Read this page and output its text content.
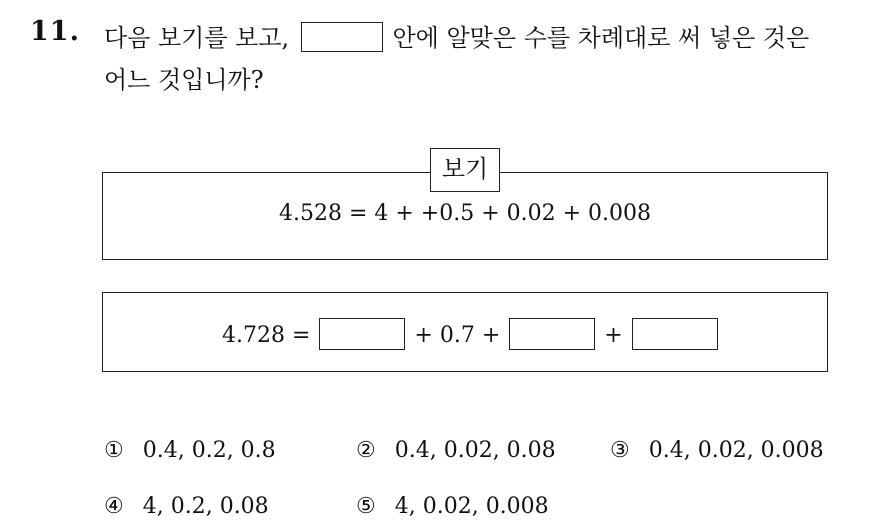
11. 다음 보기를 보고,	안에 알맞은 수를 차례대로 써 넣은 것은
어느 것입니까?
보기
4.528 = 4 + +0.5 + 0.02 + 0.008
4.728 =	+ 0.7 +	+
① 0.4, 0.2, 0.8	② 0.4, 0.02, 0.08 ③ 0.4, 0.02, 0.008
④ 4, 0.2, 0.08	⑤ 4, 0.02, 0.008
